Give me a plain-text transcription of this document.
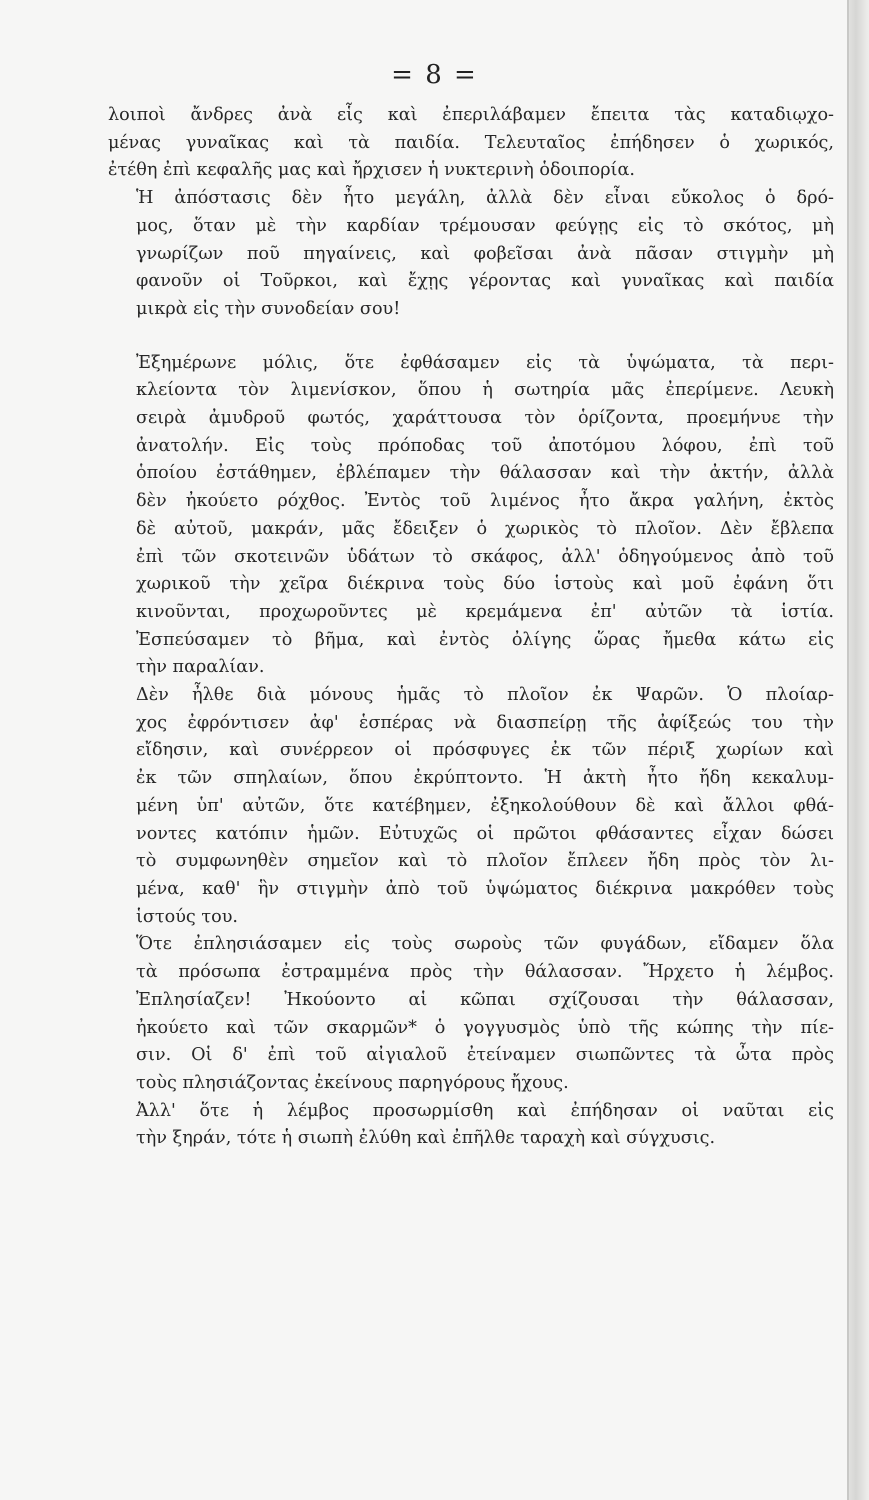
= 8 =

λοιποὶ ἄνδρες ἀνὰ εἷς καὶ ἐπεριλάβαμεν ἔπειτα τὰς καταδιῳχο-
μένας γυναῖκας καὶ τὰ παιδία. Τελευταῖος ἐπήδησεν ὁ χωρικός,
ἐτέθη ἐπὶ κεφαλῆς μας καὶ ἤρχισεν ἡ νυκτερινὴ ὁδοιπορία.

Ἡ ἀπόστασις δὲν ἦτο μεγάλη, ἀλλὰ δὲν εἶναι εὔκολος ὁ δρό-
μος, ὅταν μὲ τὴν καρδίαν τρέμουσαν φεύγῃς εἰς τὸ σκότος, μὴ
γνωρίζων ποῦ πηγαίνεις, καὶ φοβεῖσαι ἀνὰ πᾶσαν στιγμὴν μὴ
φανοῦν οἱ Τοῦρκοι, καὶ ἔχῃς γέροντας καὶ γυναῖκας καὶ παιδία
μικρὰ εἰς τὴν συνοδείαν σου!

Ἐξημέρωνε μόλις, ὅτε ἐφθάσαμεν εἰς τὰ ὑψώματα, τὰ περι-
κλείοντα τὸν λιμενίσκον, ὅπου ἡ σωτηρία μᾶς ἐπερίμενε. Λευκὴ
σειρὰ ἀμυδροῦ φωτός, χαράττουσα τὸν ὁρίζοντα, προεμήνυε τὴν
ἀνατολήν. Εἰς τοὺς πρόποδας τοῦ ἀποτόμου λόφου, ἐπὶ τοῦ
ὁποίου ἐστάθημεν, ἐβλέπαμεν τὴν θάλασσαν καὶ τὴν ἀκτήν, ἀλλὰ
δὲν ἠκούετο ρόχθος. Ἐντὸς τοῦ λιμένος ἦτο ἄκρα γαλήνη, ἐκτὸς
δὲ αὐτοῦ, μακράν, μᾶς ἔδειξεν ὁ χωρικὸς τὸ πλοῖον. Δὲν ἔβλεπα
ἐπὶ τῶν σκοτεινῶν ὑδάτων τὸ σκάφος, ἀλλ' ὁδηγούμενος ἀπὸ τοῦ
χωρικοῦ τὴν χεῖρα διέκρινα τοὺς δύο ἱστοὺς καὶ μοῦ ἐφάνη ὅτι
κινοῦνται, προχωροῦντες μὲ κρεμάμενα ἐπ' αὐτῶν τὰ ἱστία.
Ἐσπεύσαμεν τὸ βῆμα, καὶ ἐντὸς ὀλίγης ὥρας ἤμεθα κάτω εἰς
τὴν παραλίαν.

Δὲν ἦλθε διὰ μόνους ἡμᾶς τὸ πλοῖον ἐκ Ψαρῶν. Ὁ πλοίαρ-
χος ἐφρόντισεν ἀφ' ἑσπέρας νὰ διασπείρῃ τῆς ἀφίξεώς του τὴν
εἴδησιν, καὶ συνέρρεον οἱ πρόσφυγες ἐκ τῶν πέριξ χωρίων καὶ
ἐκ τῶν σπηλαίων, ὅπου ἐκρύπτοντο. Ἡ ἀκτὴ ἦτο ἤδη κεκαλυμ-
μένη ὑπ' αὐτῶν, ὅτε κατέβημεν, ἐξηκολούθουν δὲ καὶ ἄλλοι φθά-
νοντες κατόπιν ἡμῶν. Εὐτυχῶς οἱ πρῶτοι φθάσαντες εἶχαν δώσει
τὸ συμφωνηθὲν σημεῖον καὶ τὸ πλοῖον ἔπλεεν ἤδη πρὸς τὸν λι-
μένα, καθ' ἣν στιγμὴν ἀπὸ τοῦ ὑψώματος διέκρινα μακρόθεν τοὺς
ἱστούς του.

Ὅτε ἐπλησιάσαμεν εἰς τοὺς σωροὺς τῶν φυγάδων, εἴδαμεν ὅλα
τὰ πρόσωπα ἐστραμμένα πρὸς τὴν θάλασσαν. Ἤρχετο ἡ λέμβος.
Ἐπλησίαζεν! Ἠκούοντο αἱ κῶπαι σχίζουσαι τὴν θάλασσαν,
ἠκούετο καὶ τῶν σκαρμῶν* ὁ γογγυσμὸς ὑπὸ τῆς κώπης τὴν πίε-
σιν. Οἱ δ' ἐπὶ τοῦ αἰγιαλοῦ ἐτείναμεν σιωπῶντες τὰ ὦτα πρὸς
τοὺς πλησιάζοντας ἐκείνους παρηγόρους ἤχους.

Ἀλλ' ὅτε ἡ λέμβος προσωρμίσθη καὶ ἐπήδησαν οἱ ναῦται εἰς
τὴν ξηράν, τότε ἡ σιωπὴ ἐλύθη καὶ ἐπῆλθε ταραχὴ καὶ σύγχυσις.
